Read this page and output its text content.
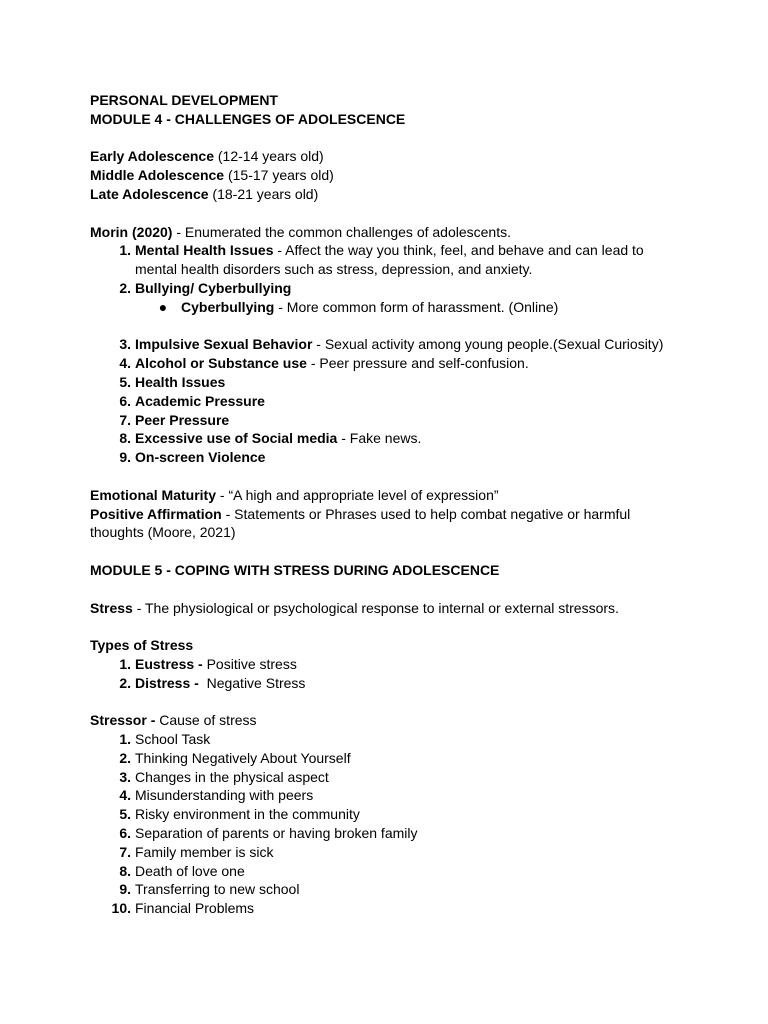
PERSONAL DEVELOPMENT

MODULE 4 - CHALLENGES OF ADOLESCENCE

Early Adolescence (12-14 years old)

Middle Adolescence (15-17 years old)

Late Adolescence (18-21 years old)

Morin (2020) - Enumerated the common challenges of adolescents.

1. Mental Health Issues - Affect the way you think, feel, and behave and can lead to mental health disorders such as stress, depression, and anxiety.
2. Bullying/ Cyberbullying
● Cyberbullying - More common form of harassment. (Online)
3. Impulsive Sexual Behavior - Sexual activity among young people.(Sexual Curiosity)
4. Alcohol or Substance use - Peer pressure and self-confusion.
5. Health Issues
6. Academic Pressure
7. Peer Pressure
8. Excessive use of Social media - Fake news.
9. On-screen Violence

Emotional Maturity - “A high and appropriate level of expression”

Positive Affirmation - Statements or Phrases used to help combat negative or harmful thoughts (Moore, 2021)

MODULE 5 - COPING WITH STRESS DURING ADOLESCENCE

Stress - The physiological or psychological response to internal or external stressors.

Types of Stress

1. Eustress - Positive stress
2. Distress -  Negative Stress

Stressor - Cause of stress

1. School Task
2. Thinking Negatively About Yourself
3. Changes in the physical aspect
4. Misunderstanding with peers
5. Risky environment in the community
6. Separation of parents or having broken family
7. Family member is sick
8. Death of love one
9. Transferring to new school
10. Financial Problems
